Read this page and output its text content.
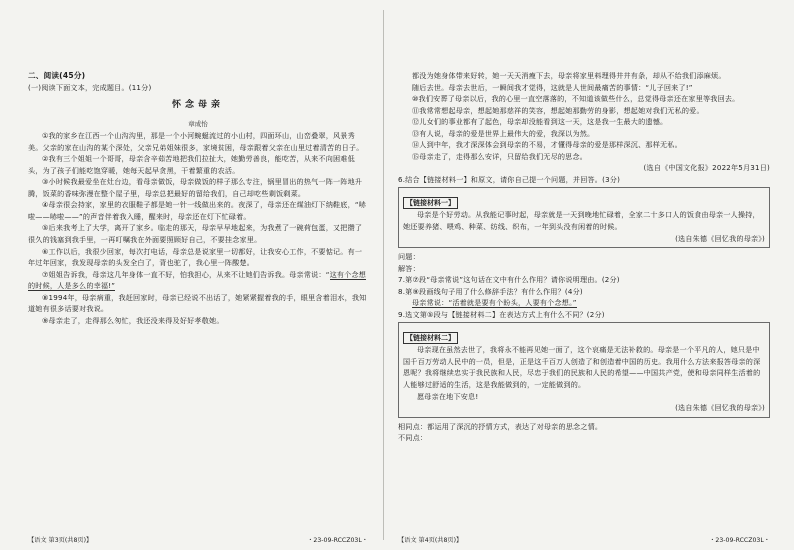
二、阅读(45分)

(一)阅读下面文本，完成题目。(11分)

怀念母亲

章成怡

①我的家乡在江西一个山沟沟里，那是一个小河蜿蜒流过的小山村，四面环山，山峦叠翠，风景秀美。父亲的家在山沟的某个深处，父亲兄弟姐妹很多，家境贫困，母亲跟着父亲在山里过着清苦的日子。

②我有三个姐姐一个哥哥，母亲含辛茹苦地把我们拉扯大，她勤劳善良，能吃苦，从来不向困难低头，为了孩子们能吃饱穿暖，她每天起早贪黑，干着繁重的农活。

③小时候我最爱坐在灶台边，看母亲做饭，母亲做饭的样子那么专注，锅里冒出的热气一阵一阵地升腾，饭菜的香味弥漫在整个屋子里，母亲总把最好的留给我们，自己却吃些剩饭剩菜。

④母亲很会持家，家里的衣服鞋子都是她一针一线做出来的。夜深了，母亲还在煤油灯下纳鞋底，“哧啦——哧啦——”的声音伴着我入睡，醒来时，母亲还在灯下忙碌着。

⑤后来我考上了大学，离开了家乡。临走的那天，母亲早早地起来，为我煮了一碗荷包蛋，又把攒了很久的钱塞到我手里，一再叮嘱我在外面要照顾好自己，不要挂念家里。

⑥工作以后，我很少回家，每次打电话，母亲总是说家里一切都好，让我安心工作，不要惦记。有一年过年回家，我发现母亲的头发全白了，背也驼了，我心里一阵酸楚。

⑦姐姐告诉我，母亲这几年身体一直不好，怕我担心，从来不让她们告诉我。母亲常说：“这有个念想的时候，人是多么的幸福!”

⑧1994年，母亲病重，我赶回家时，母亲已经说不出话了，她紧紧握着我的手，眼里含着泪水，我知道她有很多话要对我说。

⑨母亲走了，走得那么匆忙，我还没来得及好好孝敬她。

【语文 第3页(共8页)】	・23-09-RCCZ03L・

都没为她身体带来好转，她一天天消瘦下去，母亲将家里料理得井井有条，却从不给我们添麻烦。

随后去世。母亲去世后，一瞬间我才觉得，这就是人世间最痛苦的事情：“儿子回来了!”

⑩我们安葬了母亲以后，我的心里一直空落落的，不知道该做些什么，总觉得母亲还在家里等我回去。

⑪我常常想起母亲，想起她那慈祥的笑容，想起她那勤劳的身影，想起她对我们无私的爱。

⑫儿女们的事业都有了起色，母亲却没能看到这一天，这是我一生最大的遗憾。

⑬有人说，母亲的爱是世界上最伟大的爱，我深以为然。

⑭人到中年，我才深深体会到母亲的不易，才懂得母亲的爱是那样深沉、那样无私。

⑮母亲走了，走得那么安详，只留给我们无尽的思念。

(选自《中国文化报》2022年5月31日)

6.结合【链接材料一】和原文，请你自己提一个问题，并回答。(3分)

【链接材料一】

母亲是个好劳动。从我能记事时起，母亲就是一天到晚地忙碌着，全家二十多口人的饭食由母亲一人操持，她还要养猪、喂鸡、种菜、纺线、织布，一年到头没有闲着的时候。

(选自朱德《回忆我的母亲》)

问题：

解答：

7.第⑦段“母亲常说”这句话在文中有什么作用？请你说明理由。(2分)

8.第⑨段画线句子用了什么修辞手法？有什么作用？(4分)

母亲常说：“活着就是要有个盼头，人要有个念想。”

9.选文第⑤段与【链接材料二】在表达方式上有什么不同？(2分)

【链接材料二】

母亲现在虽然去世了，我将永不能再见她一面了，这个哀痛是无法补救的。母亲是一个平凡的人，她只是中国千百万劳动人民中的一员，但是，正是这千百万人创造了和创造着中国的历史。我用什么方法来报答母亲的深恩呢？我将继续忠实于我民族和人民，尽忠于我们的民族和人民的希望——中国共产党，使和母亲同样生活着的人能够过舒适的生活，这是我能做到的，一定能做到的。

愿母亲在地下安息!

(选自朱德《回忆我的母亲》)

相同点：都运用了深沉的抒情方式，表达了对母亲的思念之情。

不同点：

【语文 第4页(共8页)】	・23-09-RCCZ03L・
